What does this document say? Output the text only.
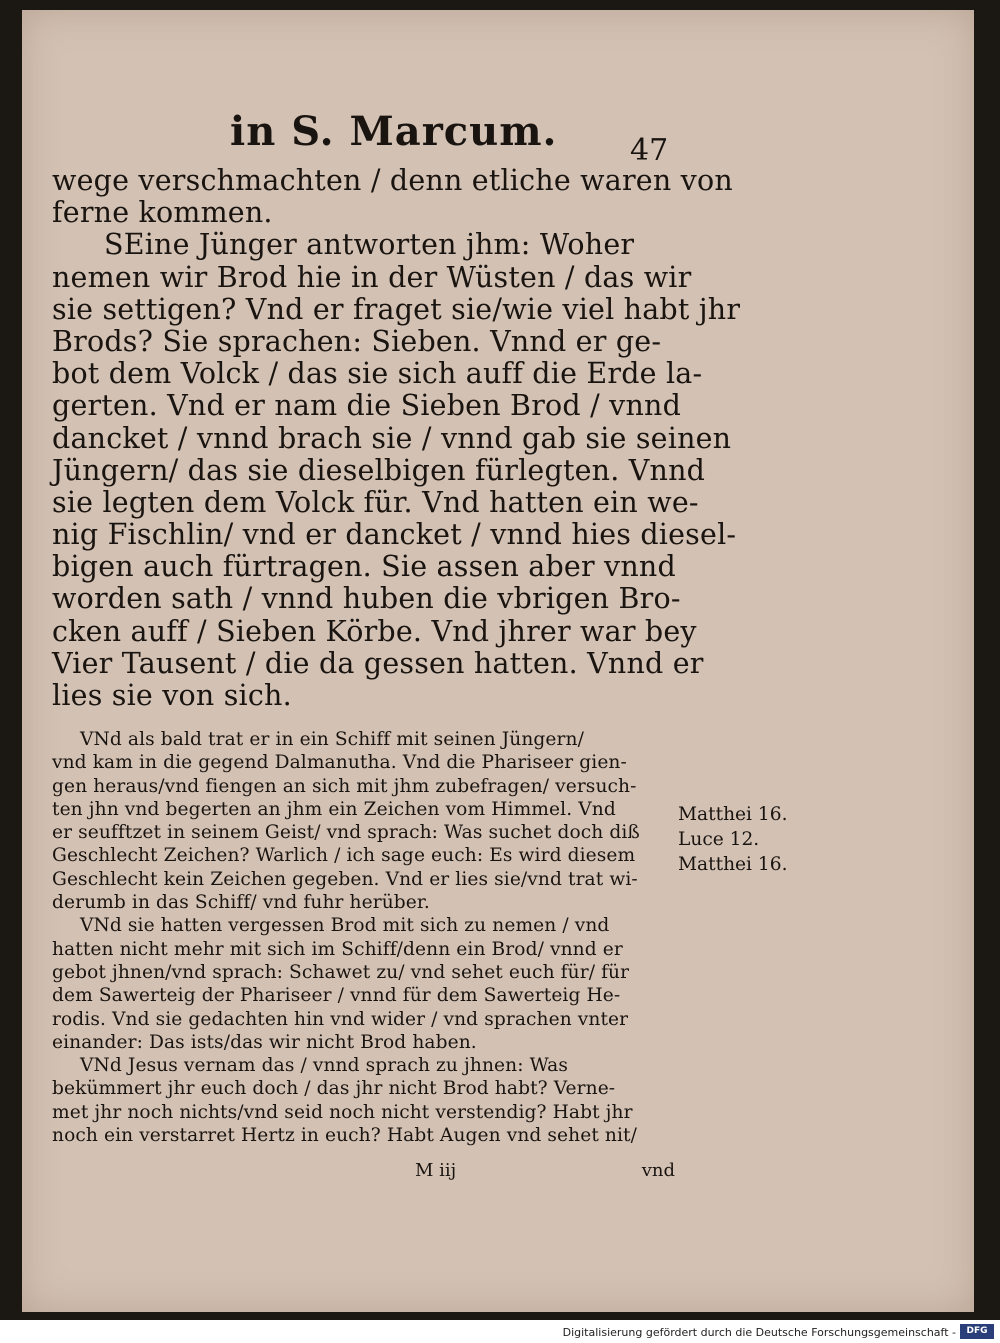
in S. Marcum. 47
wege verschmachten / denn etliche waren von
ferne kommen.
SEine Jünger antworten jhm: Woher
nemen wir Brod hie in der Wüsten / das wir
sie settigen? Vnd er fraget sie/wie viel habt jhr
Brods? Sie sprachen: Sieben. Vnnd er ge-
bot dem Volck / das sie sich auff die Erde la-
gerten. Vnd er nam die Sieben Brod / vnnd
dancket / vnnd brach sie / vnnd gab sie seinen
Jüngern/ das sie dieselbigen fürlegten. Vnnd
sie legten dem Volck für. Vnd hatten ein we-
nig Fischlin/ vnd er dancket / vnnd hies diesel-
bigen auch fürtragen. Sie assen aber vnnd
worden sath / vnnd huben die vbrigen Bro-
cken auff / Sieben Körbe. Vnd jhrer war bey
Vier Tausent / die da gessen hatten. Vnnd er
lies sie von sich.
VNd als bald trat er in ein Schiff mit seinen Jüngern/
vnd kam in die gegend Dalmanutha. Vnd die Phariseer gien-
gen heraus/vnd fiengen an sich mit jhm zubefragen/ versuch-
ten jhn vnd begerten an jhm ein Zeichen vom Himmel. Vnd
er seufftzet in seinem Geist/ vnd sprach: Was suchet doch diß
Geschlecht Zeichen? Warlich / ich sage euch: Es wird diesem
Geschlecht kein Zeichen gegeben. Vnd er lies sie/vnd trat wi-
derumb in das Schiff/ vnd fuhr herüber.
VNd sie hatten vergessen Brod mit sich zu nemen / vnd
hatten nicht mehr mit sich im Schiff/denn ein Brod/ vnnd er
gebot jhnen/vnd sprach: Schawet zu/ vnd sehet euch für/ für
dem Sawerteig der Phariseer / vnnd für dem Sawerteig He-
rodis. Vnd sie gedachten hin vnd wider / vnd sprachen vnter
einander: Das ists/das wir nicht Brod haben.
VNd Jesus vernam das / vnnd sprach zu jhnen: Was
bekümmert jhr euch doch / das jhr nicht Brod habt? Verne-
met jhr noch nichts/vnd seid noch nicht verstendig? Habt jhr
noch ein verstarret Hertz in euch? Habt Augen vnd sehet nit/
M iij	vnd
Matthei 16.
Luce 12.
Matthei 16.
Digitalisierung gefördert durch die Deutsche Forschungsgemeinschaft -	DFG
